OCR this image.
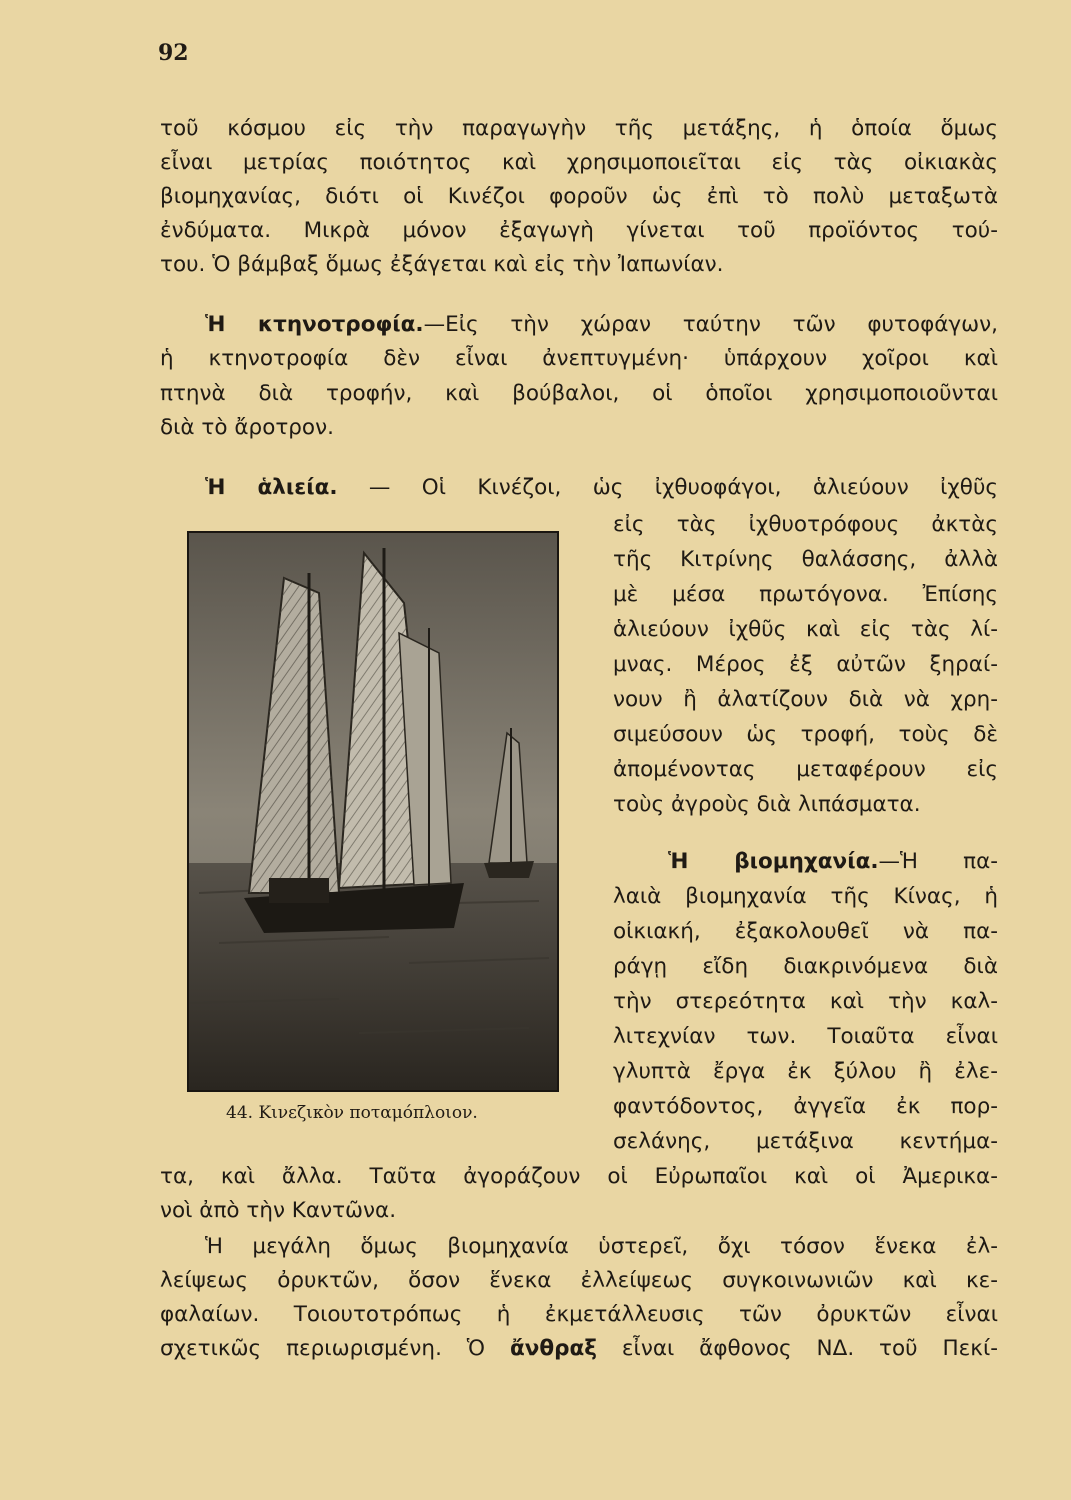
92
τοῦ κόσμου εἰς τὴν παραγωγὴν τῆς μετάξης, ἡ ὁποία ὅμως
εἶναι μετρίας ποιότητος καὶ χρησιμοποιεῖται εἰς τὰς οἰκιακὰς
βιομηχανίας, διότι οἱ Κινέζοι φοροῦν ὡς ἐπὶ τὸ πολὺ μεταξωτὰ
ἐνδύματα. Μικρὰ μόνον ἐξαγωγὴ γίνεται τοῦ προϊόντος τού-
του. Ὁ βάμβαξ ὅμως ἐξάγεται καὶ εἰς τὴν Ἰαπωνίαν.
Ἡ κτηνοτροφία.—Εἰς τὴν χώραν ταύτην τῶν φυτοφάγων,
ἡ κτηνοτροφία δὲν εἶναι ἀνεπτυγμένη· ὑπάρχουν χοῖροι καὶ
πτηνὰ διὰ τροφήν, καὶ βούβαλοι, οἱ ὁποῖοι χρησιμοποιοῦνται
διὰ τὸ ἄροτρον.
Ἡ ἁλιεία. — Οἱ Κινέζοι, ὡς ἰχθυοφάγοι, ἁλιεύουν ἰχθῦς
εἰς τὰς ἰχθυοτρόφους ἀκτὰς
τῆς Κιτρίνης θαλάσσης, ἀλλὰ
μὲ μέσα πρωτόγονα. Ἐπίσης
ἁλιεύουν ἰχθῦς καὶ εἰς τὰς λί-
μνας. Μέρος ἐξ αὐτῶν ξηραί-
νουν ἢ ἀλατίζουν διὰ νὰ χρη-
σιμεύσουν ὡς τροφή, τοὺς δὲ
ἀπομένοντας μεταφέρουν εἰς
τοὺς ἀγροὺς διὰ λιπάσματα.
Ἡ βιομηχανία.—Ἡ πα-
λαιὰ βιομηχανία τῆς Κίνας, ἡ
οἰκιακή, ἐξακολουθεῖ νὰ πα-
ράγῃ εἴδη διακρινόμενα διὰ
τὴν στερεότητα καὶ τὴν καλ-
λιτεχνίαν των. Τοιαῦτα εἶναι
γλυπτὰ ἔργα ἐκ ξύλου ἢ ἐλε-
φαντόδοντος, ἀγγεῖα ἐκ πορ-
σελάνης, μετάξινα κεντήμα-
τα, καὶ ἄλλα. Ταῦτα ἀγοράζουν οἱ Εὐρωπαῖοι καὶ οἱ Ἀμερικα-
νοὶ ἀπὸ τὴν Καντῶνα.
Ἡ μεγάλη ὅμως βιομηχανία ὑστερεῖ, ὄχι τόσον ἕνεκα ἐλ-
λείψεως ὀρυκτῶν, ὅσον ἕνεκα ἐλλείψεως συγκοινωνιῶν καὶ κε-
φαλαίων. Τοιουτοτρόπως ἡ ἐκμετάλλευσις τῶν ὀρυκτῶν εἶναι
σχετικῶς περιωρισμένη. Ὁ ἄνθραξ εἶναι ἄφθονος ΝΔ. τοῦ Πεκί-
44. Κινεζικὸν ποταμόπλοιον.
